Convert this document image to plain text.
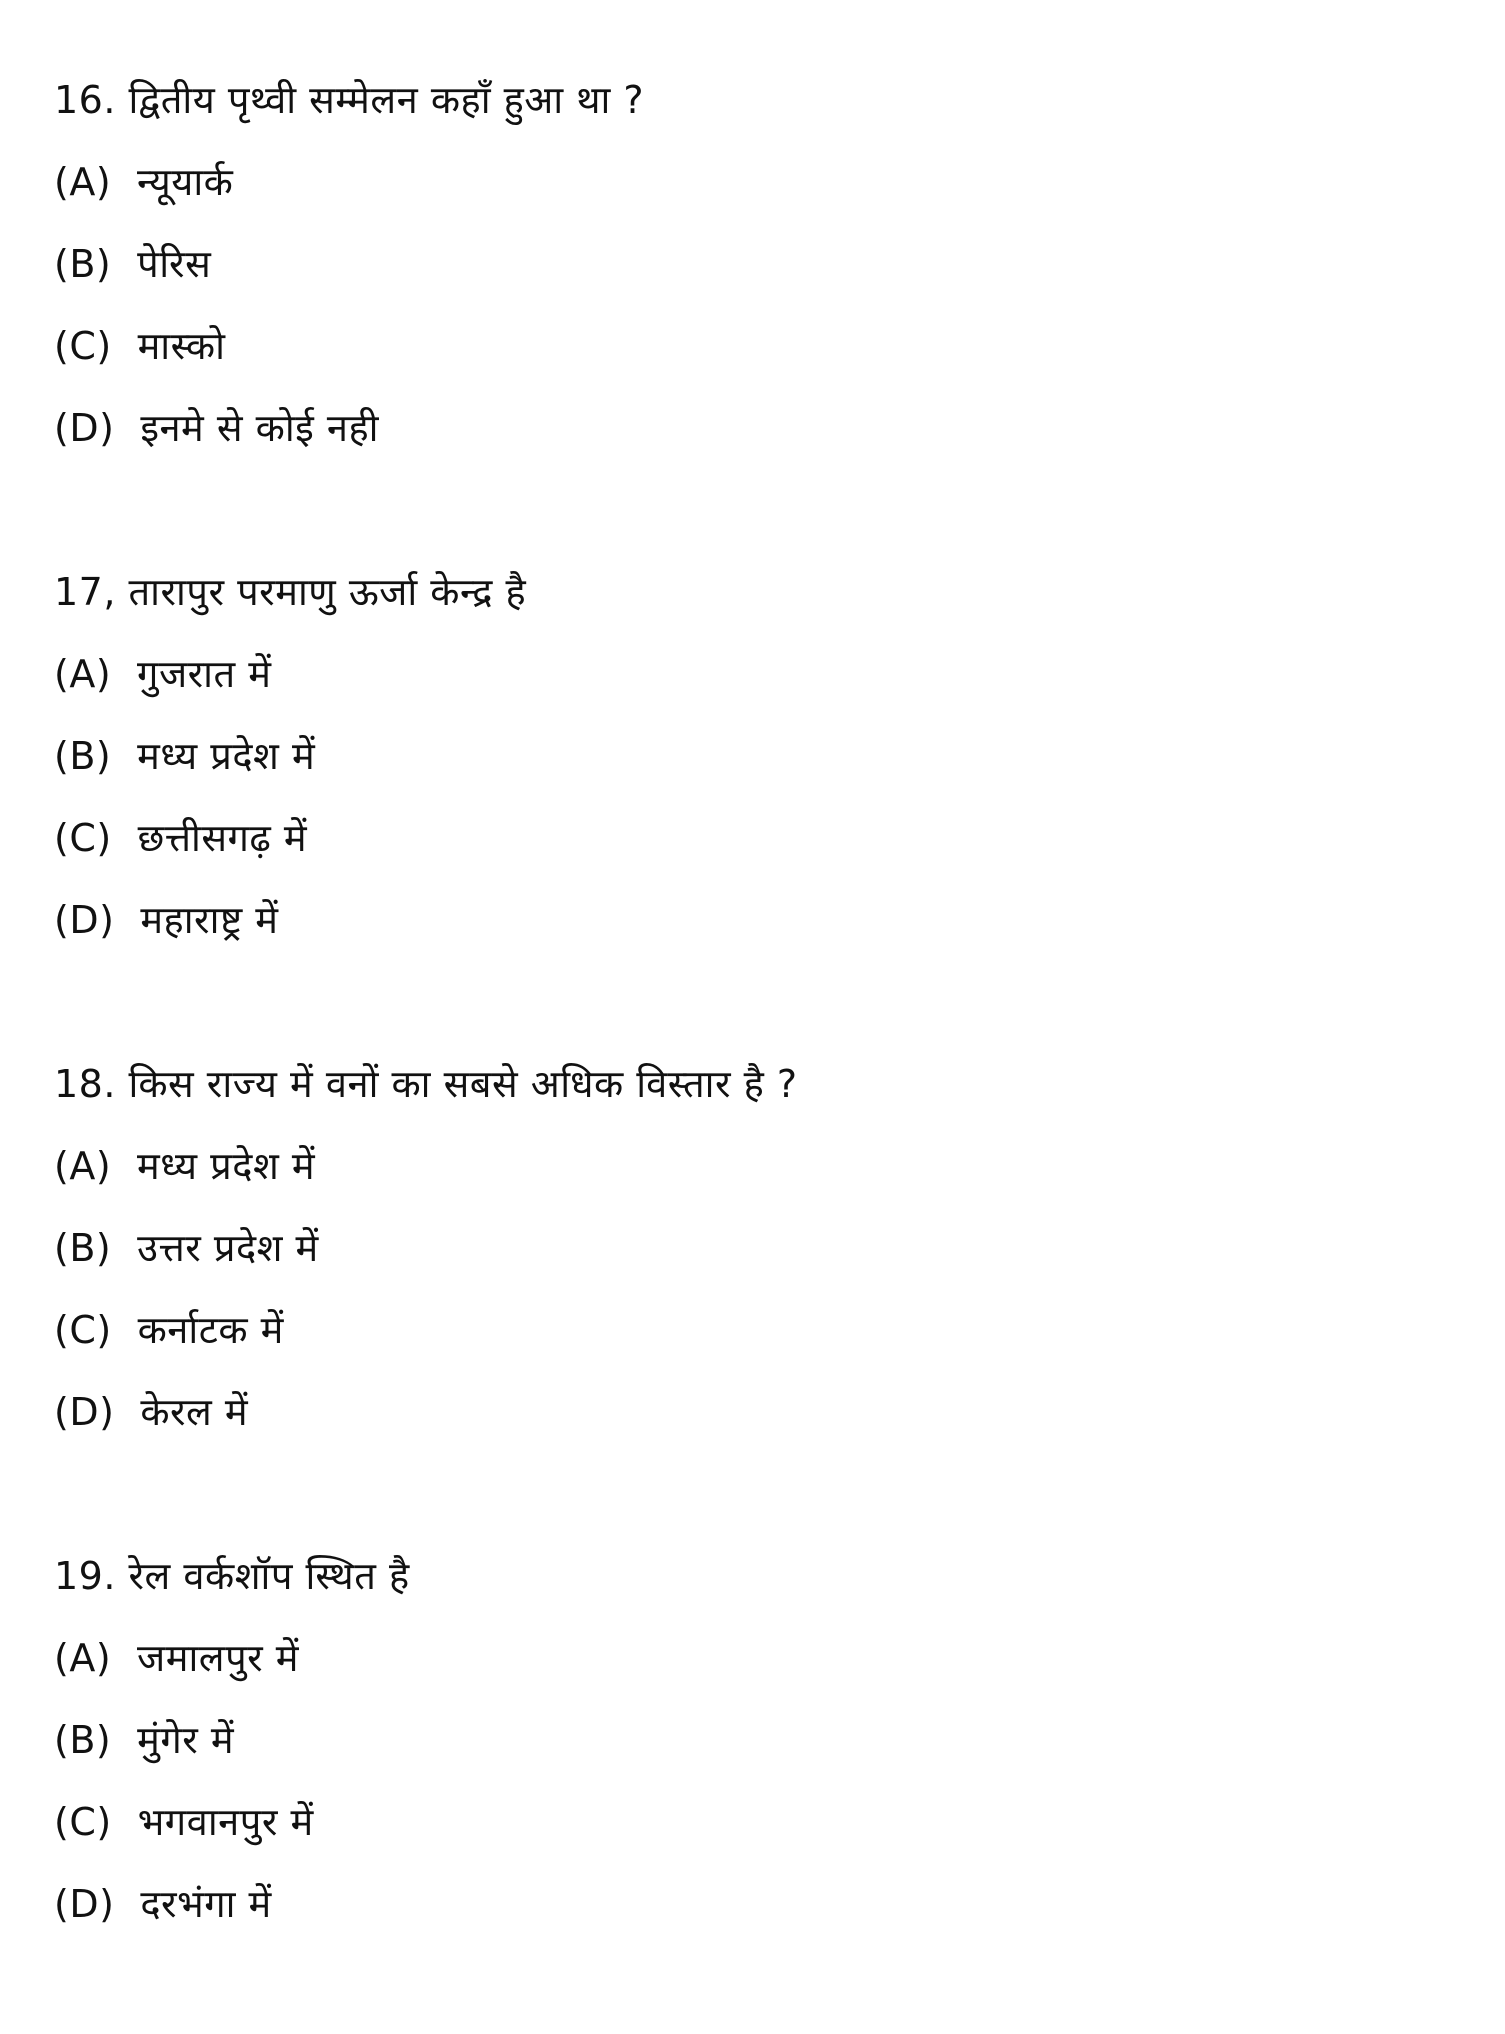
16. द्वितीय पृथ्वी सम्मेलन कहाँ हुआ था ?
(A) न्यूयार्क
(B) पेरिस
(C) मास्को
(D) इनमे से कोई नही
17, तारापुर परमाणु ऊर्जा केन्द्र है
(A) गुजरात में
(B) मध्य प्रदेश में
(C) छत्तीसगढ़ में
(D) महाराष्ट्र में
18. किस राज्य में वनों का सबसे अधिक विस्तार है ?
(A) मध्य प्रदेश में
(B) उत्तर प्रदेश में
(C) कर्नाटक में
(D) केरल में
19. रेल वर्कशॉप स्थित है
(A) जमालपुर में
(B) मुंगेर में
(C) भगवानपुर में
(D) दरभंगा में
